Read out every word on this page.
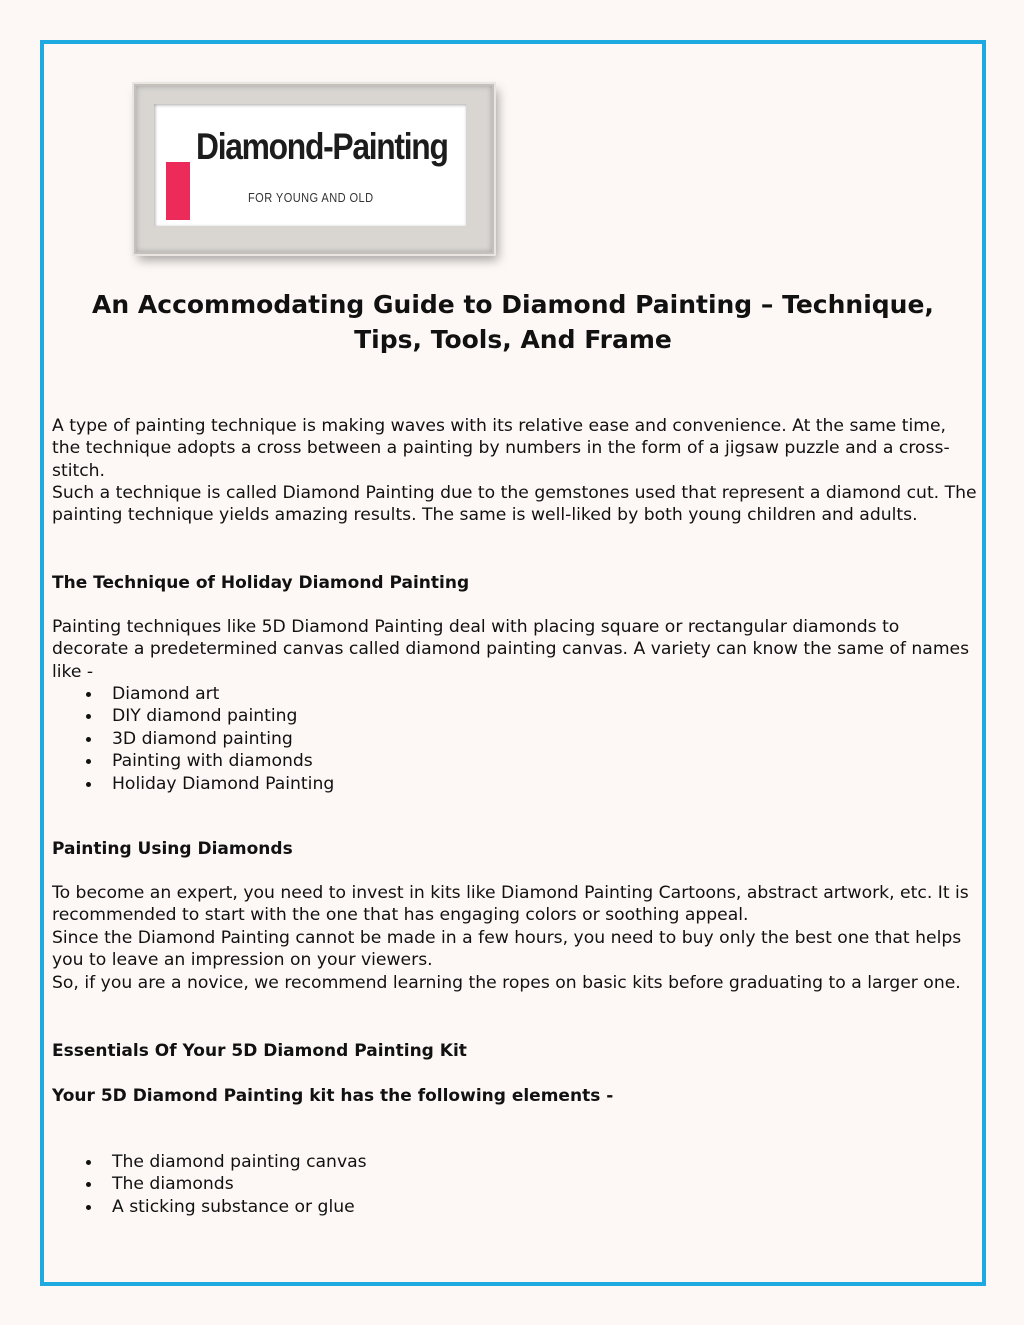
Diamond-Painting
FOR YOUNG AND OLD
An Accommodating Guide to Diamond Painting – Technique, Tips, Tools, And Frame

A type of painting technique is making waves with its relative ease and convenience. At the same time, the technique adopts a cross between a painting by numbers in the form of a jigsaw puzzle and a cross-stitch.

Such a technique is called Diamond Painting due to the gemstones used that represent a diamond cut. The painting technique yields amazing results. The same is well-liked by both young children and adults.

The Technique of Holiday Diamond Painting

Painting techniques like 5D Diamond Painting deal with placing square or rectangular diamonds to decorate a predetermined canvas called diamond painting canvas. A variety can know the same of names like -

Diamond art
DIY diamond painting
3D diamond painting
Painting with diamonds
Holiday Diamond Painting

Painting Using Diamonds

To become an expert, you need to invest in kits like Diamond Painting Cartoons, abstract artwork, etc. It is recommended to start with the one that has engaging colors or soothing appeal.

Since the Diamond Painting cannot be made in a few hours, you need to buy only the best one that helps you to leave an impression on your viewers.

So, if you are a novice, we recommend learning the ropes on basic kits before graduating to a larger one.

Essentials Of Your 5D Diamond Painting Kit

Your 5D Diamond Painting kit has the following elements -

The diamond painting canvas
The diamonds
A sticking substance or glue
